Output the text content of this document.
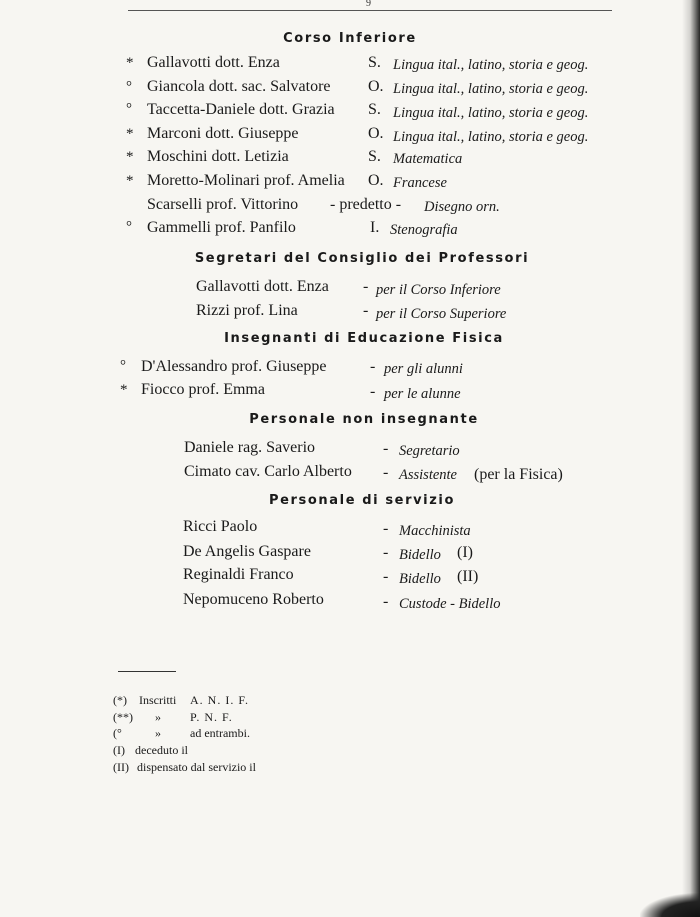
9
Corso Inferiore
* Gallavotti dott. Enza	S. Lingua ital., latino, storia e geog.
° Giancola dott. sac. Salvatore O. Lingua ital., latino, storia e geog.
° Taccetta-Daniele dott. Grazia S. Lingua ital., latino, storia e geog.
* Marconi dott. Giuseppe	O. Lingua ital., latino, storia e geog.
* Moschini dott. Letizia	S. Matematica
* Moretto-Molinari prof. Amelia O. Francese
Scarselli prof. Vittorino - predetto - Disegno orn.
° Gammelli prof. Panfilo	I. Stenografia
Segretari del Consiglio dei Professori
Gallavotti dott. Enza - per il Corso Inferiore
Rizzi prof. Lina	- per il Corso Superiore
Insegnanti di Educazione Fisica
° D'Alessandro prof. Giuseppe	- per gli alunni
* Fiocco prof. Emma	- per le alunne
Personale non insegnante
Daniele rag. Saverio	- Segretario
Cimato cav. Carlo Alberto - Assistente (per la Fisica)
Personale di servizio
Ricci Paolo	- Macchinista
De Angelis Gaspare	- Bidello (I)
Reginaldi Franco	- Bidello (II)
Nepomuceno Roberto	- Custode - Bidello
(*) Inscritti A. N. I. F.
(**) » P. N. F.
(°	» ad entrambi.
(I) deceduto il
(II) dispensato dal servizio il
